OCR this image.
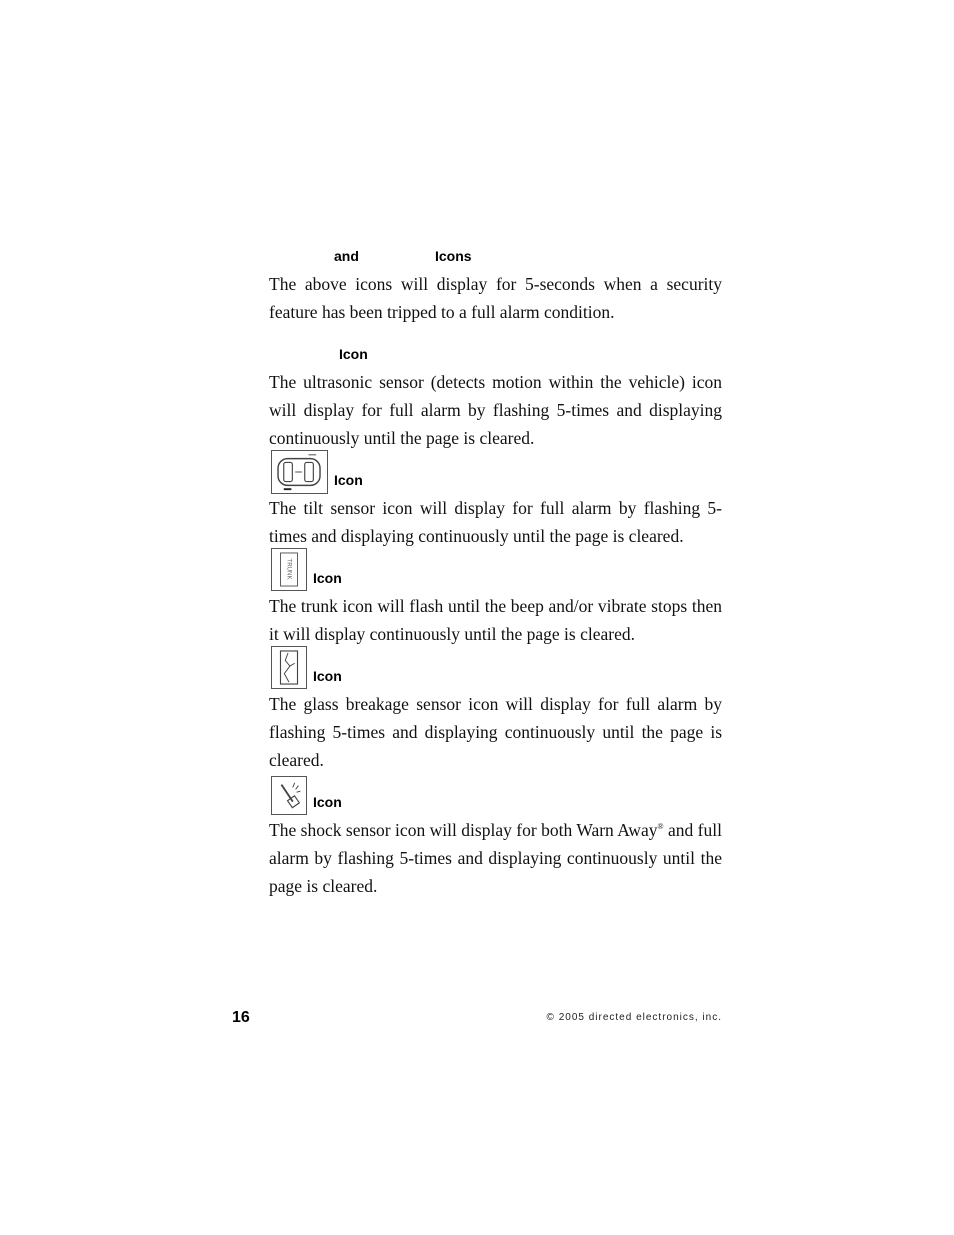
and	Icons
The above icons will display for 5-seconds when a security feature has been tripped to a full alarm condition.
Icon
The ultrasonic sensor (detects motion within the vehicle) icon will display for full alarm by flashing 5-times and displaying continuously until the page is cleared.
Icon
The tilt sensor icon will display for full alarm by flashing 5-times and displaying continuously until the page is cleared.
TRUNK Icon
The trunk icon will flash until the beep and/or vibrate stops then it will display continuously until the page is cleared.
Icon
The glass breakage sensor icon will display for full alarm by flashing 5-times and displaying continuously until the page is cleared.
Icon
The shock sensor icon will display for both Warn Away® and full alarm by flashing 5-times and displaying continuously until the page is cleared.
16	© 2005 directed electronics, inc.
